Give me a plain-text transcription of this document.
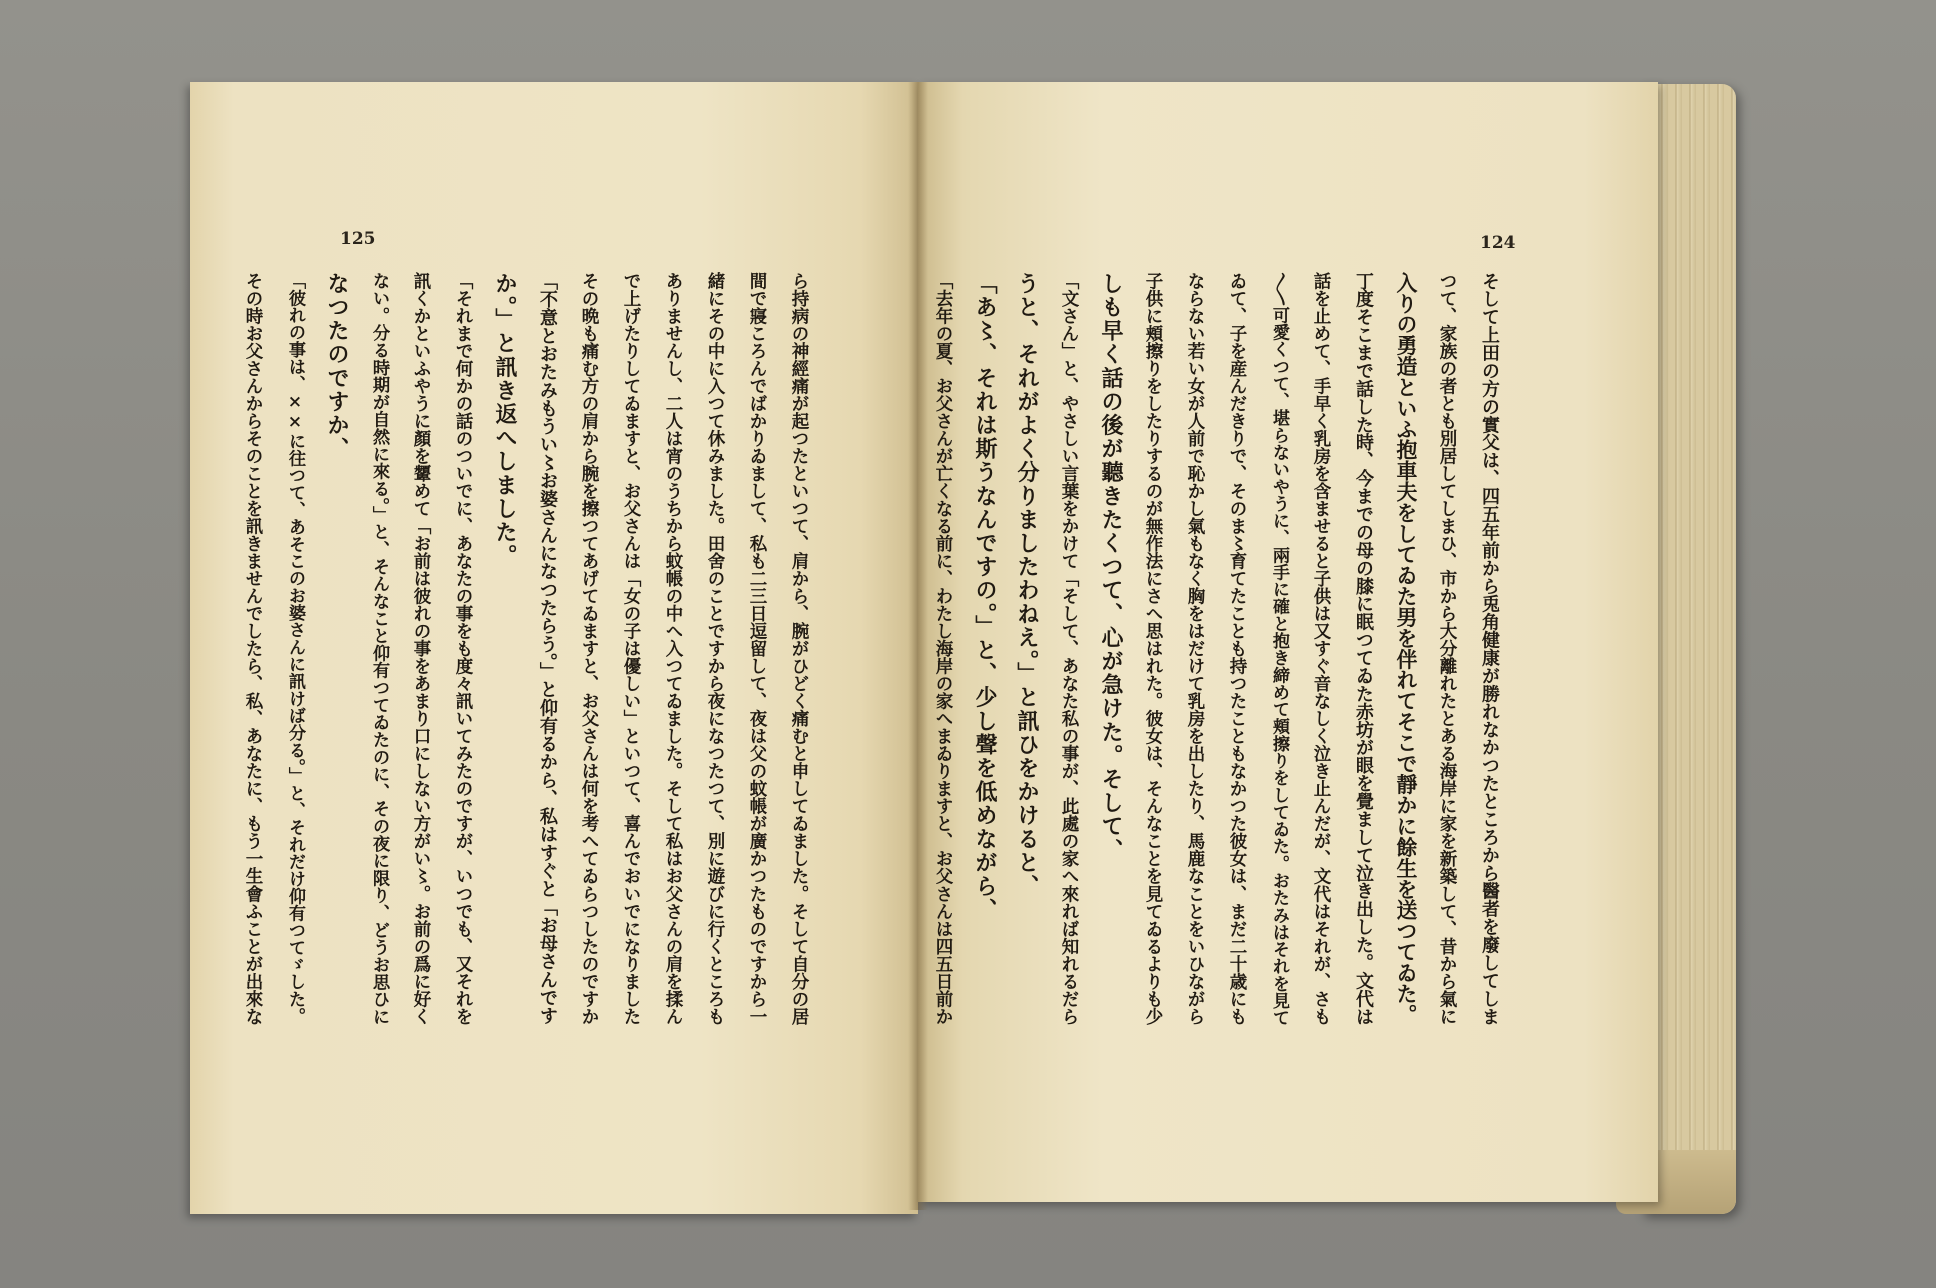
125	124
ら持病の神經痛が起つたといつて、肩から、腕がひどく痛むと申してゐました。そして自分の居
間で寢ころんでばかりゐまして、私も二三日逗留して、夜は父の蚊帳が廣かつたものですから一
緒にその中に入つて休みました。田舍のことですから夜になつたつて、別に遊びに行くところも
ありませんし、二人は宵のうちから蚊帳の中へ入つてゐました。そして私はお父さんの肩を揉ん
で上げたりしてゐますと、お父さんは「女の子は優しい」といつて、喜んでおいでになりました
その晩も痛む方の肩から腕を擦つてあげてゐますと、お父さんは何を考へてゐらつしたのですか
「不意とおたみもうい〻お婆さんになつたらう。」と仰有るから、私はすぐと「お母さんです
か。」と訊き返へしました。
「それまで何かの話のついでに、あなたの事をも度々訊いてみたのですが、いつでも、又それを
訊くかといふやうに顏を顰めて「お前は彼れの事をあまり口にしない方がい〻。お前の爲に好く
ない。分る時期が自然に來る。」と、そんなこと仰有つてゐたのに、その夜に限り、どうお思ひに
なつたのですか、
「彼れの事は、××に往つて、あそこのお婆さんに訊けば分る。」と、それだけ仰有つてゞした。
その時お父さんからそのことを訊きませんでしたら、私、あなたに、もう一生會ふことが出來な	そして上田の方の實父は、四五年前から兎角健康が勝れなかつたところから醫者を廢してしま
つて、家族の者とも別居してしまひ、市から大分離れたとある海岸に家を新築して、昔から氣に
入りの勇造といふ抱車夫をしてゐた男を伴れてそこで靜かに餘生を送つてゐた。
丁度そこまで話した時、今までの母の膝に眠つてゐた赤坊が眼を覺まして泣き出した。文代は
話を止めて、手早く乳房を含ませると子供は又すぐ音なしく泣き止んだが、文代はそれが、さも
〳〵可愛くつて、堪らないやうに、兩手に確と抱き締めて頬擦りをしてゐた。おたみはそれを見て
ゐて、子を産んだきりで、そのま〻育てたことも持つたこともなかつた彼女は、まだ二十歳にも
ならない若い女が人前で恥かし氣もなく胸をはだけて乳房を出したり、馬鹿なことをいひながら
子供に頬擦りをしたりするのが無作法にさへ思はれた。彼女は、そんなことを見てゐるよりも少
しも早く話の後が聽きたくつて、心が急けた。そして、
「文さん」と、やさしい言葉をかけて「そして、あなた私の事が、此處の家へ來れば知れるだら
うと、それがよく分りましたわねえ。」と訊ひをかけると、
「あ〻、それは斯うなんですの。」と、少し聲を低めながら、
「去年の夏、お父さんが亡くなる前に、わたし海岸の家へまゐりますと、お父さんは四五日前か
